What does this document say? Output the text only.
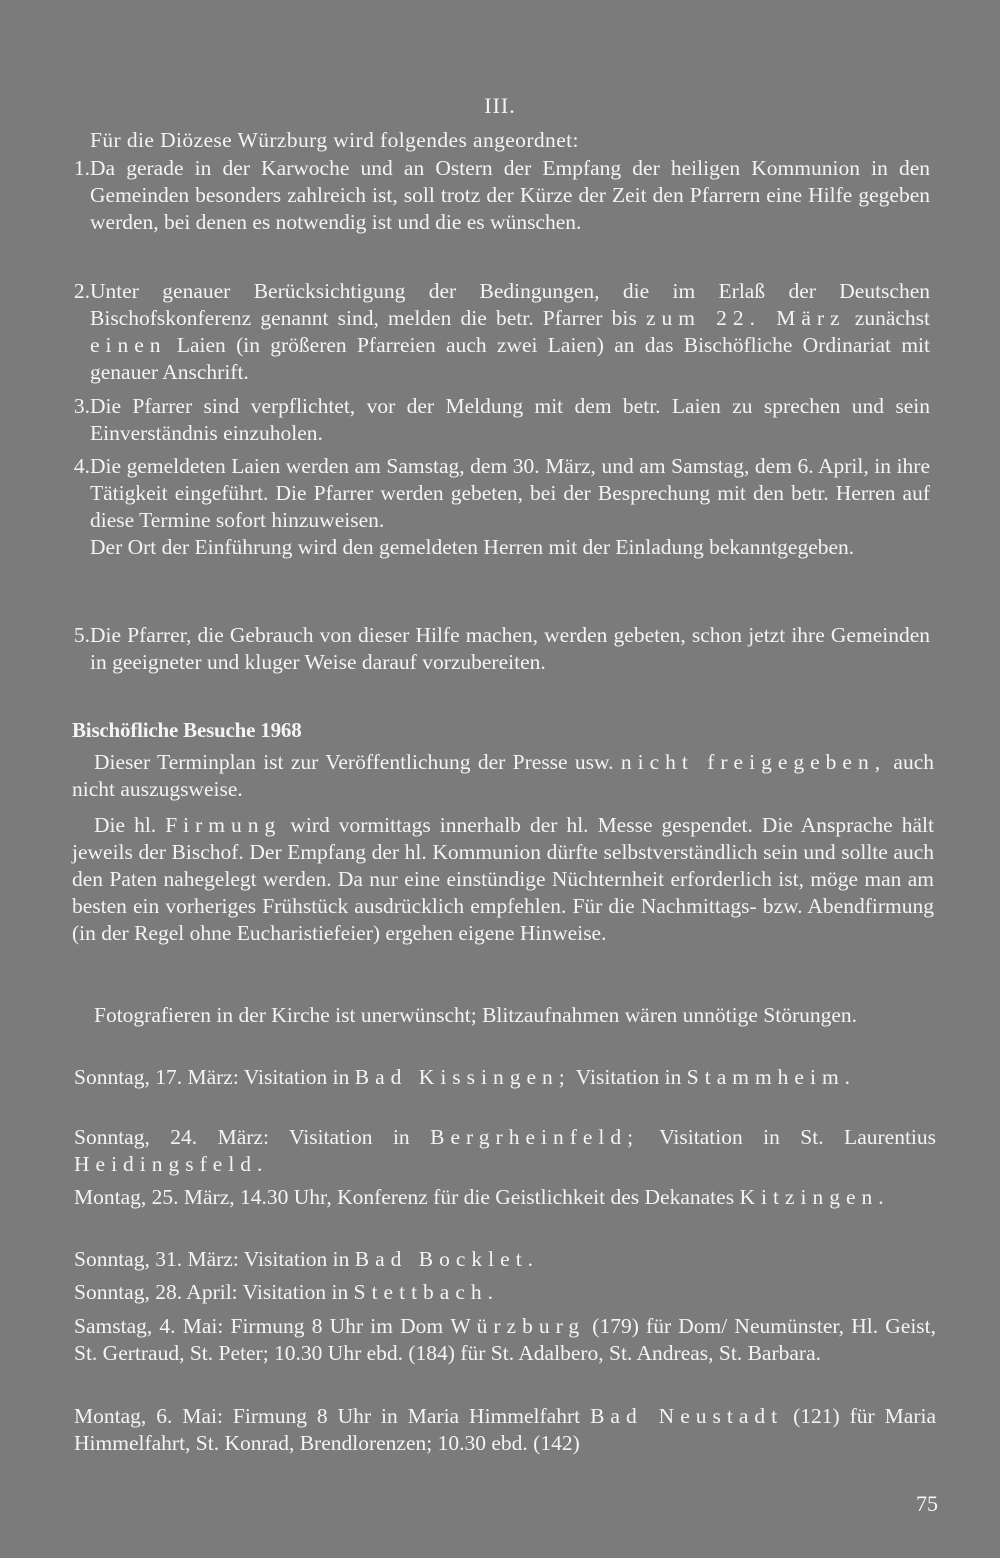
III.
Für die Diözese Würzburg wird folgendes angeordnet:
1. Da gerade in der Karwoche und an Ostern der Empfang der heiligen Kommunion in den Gemeinden besonders zahlreich ist, soll trotz der Kürze der Zeit den Pfarrern eine Hilfe gegeben werden, bei denen es notwendig ist und die es wünschen.
2. Unter genauer Berücksichtigung der Bedingungen, die im Erlaß der Deutschen Bischofskonferenz genannt sind, melden die betr. Pfarrer bis zum 22. März zunächst einen Laien (in größeren Pfarreien auch zwei Laien) an das Bischöfliche Ordinariat mit genauer Anschrift.
3. Die Pfarrer sind verpflichtet, vor der Meldung mit dem betr. Laien zu sprechen und sein Einverständnis einzuholen.
4. Die gemeldeten Laien werden am Samstag, dem 30. März, und am Samstag, dem 6. April, in ihre Tätigkeit eingeführt. Die Pfarrer werden gebeten, bei der Besprechung mit den betr. Herren auf diese Termine sofort hinzuweisen.

Der Ort der Einführung wird den gemeldeten Herren mit der Einladung bekanntgegeben.

5. Die Pfarrer, die Gebrauch von dieser Hilfe machen, werden gebeten, schon jetzt ihre Gemeinden in geeigneter und kluger Weise darauf vorzubereiten.
Bischöfliche Besuche 1968
Dieser Terminplan ist zur Veröffentlichung der Presse usw. nicht freigegeben, auch nicht auszugsweise.
Die hl. Firmung wird vormittags innerhalb der hl. Messe gespendet. Die Ansprache hält jeweils der Bischof. Der Empfang der hl. Kommunion dürfte selbstverständlich sein und sollte auch den Paten nahegelegt werden. Da nur eine einstündige Nüchternheit erforderlich ist, möge man am besten ein vorheriges Frühstück ausdrücklich empfehlen. Für die Nachmittags- bzw. Abendfirmung (in der Regel ohne Eucharistiefeier) ergehen eigene Hinweise.
Fotografieren in der Kirche ist unerwünscht; Blitzaufnahmen wären unnötige Störungen.
Sonntag, 17. März: Visitation in Bad Kissingen; Visitation in Stammheim.
Sonntag, 24. März: Visitation in Bergrheinfeld; Visitation in St. Laurentius Heidingsfeld.
Montag, 25. März, 14.30 Uhr, Konferenz für die Geistlichkeit des Dekanates Kitzingen.
Sonntag, 31. März: Visitation in Bad Bocklet.
Sonntag, 28. April: Visitation in Stettbach.
Samstag, 4. Mai: Firmung 8 Uhr im Dom Würzburg (179) für Dom/ Neumünster, Hl. Geist, St. Gertraud, St. Peter; 10.30 Uhr ebd. (184) für St. Adalbero, St. Andreas, St. Barbara.
Montag, 6. Mai: Firmung 8 Uhr in Maria Himmelfahrt Bad Neustadt (121) für Maria Himmelfahrt, St. Konrad, Brendlorenzen; 10.30 ebd. (142)
75
